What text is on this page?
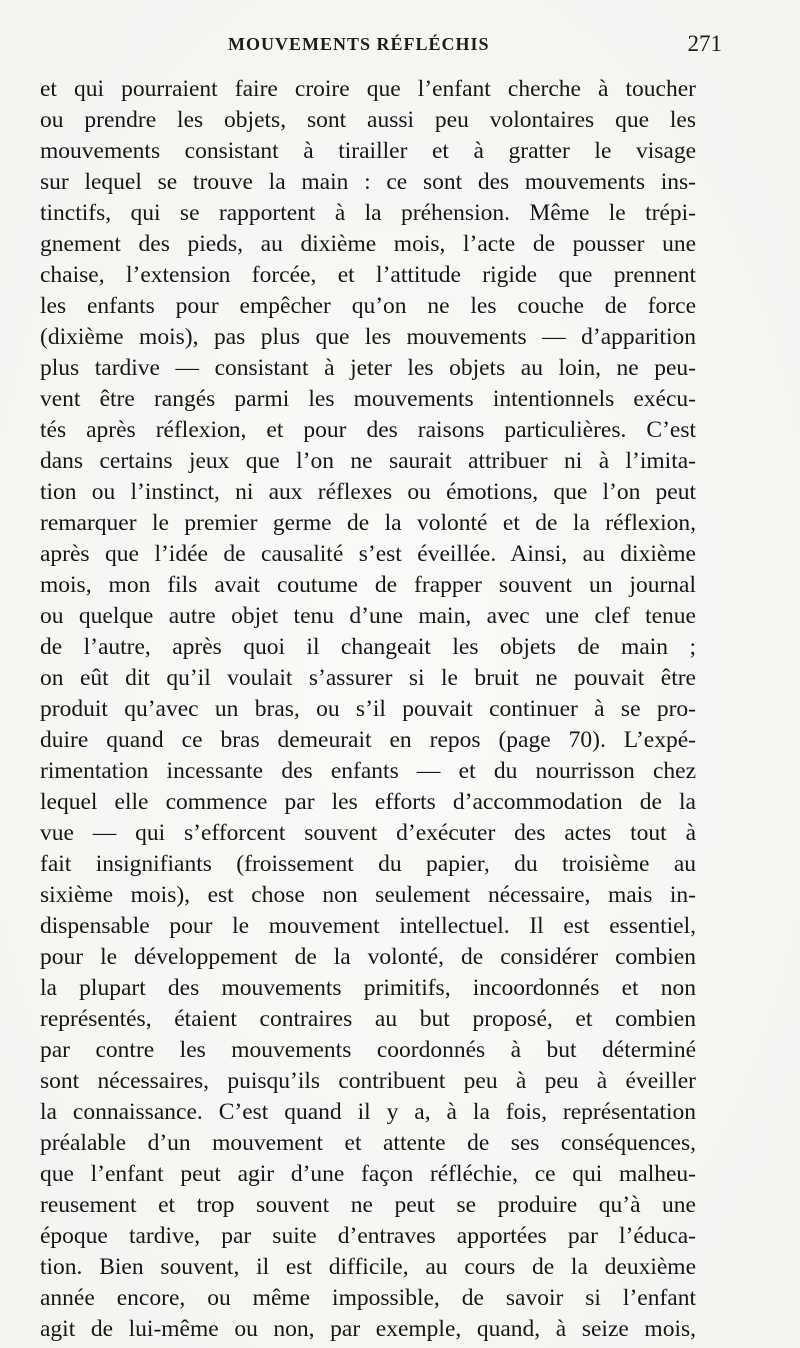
MOUVEMENTS RÉFLÉCHIS	271
et qui pourraient faire croire que l’enfant cherche à toucher
ou prendre les objets, sont aussi peu volontaires que les
mouvements consistant à tirailler et à gratter le visage
sur lequel se trouve la main : ce sont des mouvements ins-
tinctifs, qui se rapportent à la préhension. Même le trépi-
gnement des pieds, au dixième mois, l’acte de pousser une
chaise, l’extension forcée, et l’attitude rigide que prennent
les enfants pour empêcher qu’on ne les couche de force
(dixième mois), pas plus que les mouvements — d’apparition
plus tardive — consistant à jeter les objets au loin, ne peu-
vent être rangés parmi les mouvements intentionnels exécu-
tés après réflexion, et pour des raisons particulières. C’est
dans certains jeux que l’on ne saurait attribuer ni à l’imita-
tion ou l’instinct, ni aux réflexes ou émotions, que l’on peut
remarquer le premier germe de la volonté et de la réflexion,
après que l’idée de causalité s’est éveillée. Ainsi, au dixième
mois, mon fils avait coutume de frapper souvent un journal
ou quelque autre objet tenu d’une main, avec une clef tenue
de l’autre, après quoi il changeait les objets de main ;
on eût dit qu’il voulait s’assurer si le bruit ne pouvait être
produit qu’avec un bras, ou s’il pouvait continuer à se pro-
duire quand ce bras demeurait en repos (page 70). L’expé-
rimentation incessante des enfants — et du nourrisson chez
lequel elle commence par les efforts d’accommodation de la
vue — qui s’efforcent souvent d’exécuter des actes tout à
fait insignifiants (froissement du papier, du troisième au
sixième mois), est chose non seulement nécessaire, mais in-
dispensable pour le mouvement intellectuel. Il est essentiel,
pour le développement de la volonté, de considérer combien
la plupart des mouvements primitifs, incoordonnés et non
représentés, étaient contraires au but proposé, et combien
par contre les mouvements coordonnés à but déterminé
sont nécessaires, puisqu’ils contribuent peu à peu à éveiller
la connaissance. C’est quand il y a, à la fois, représentation
préalable d’un mouvement et attente de ses conséquences,
que l’enfant peut agir d’une façon réfléchie, ce qui malheu-
reusement et trop souvent ne peut se produire qu’à une
époque tardive, par suite d’entraves apportées par l’éduca-
tion. Bien souvent, il est difficile, au cours de la deuxième
année encore, ou même impossible, de savoir si l’enfant
agit de lui-même ou non, par exemple, quand, à seize mois,
